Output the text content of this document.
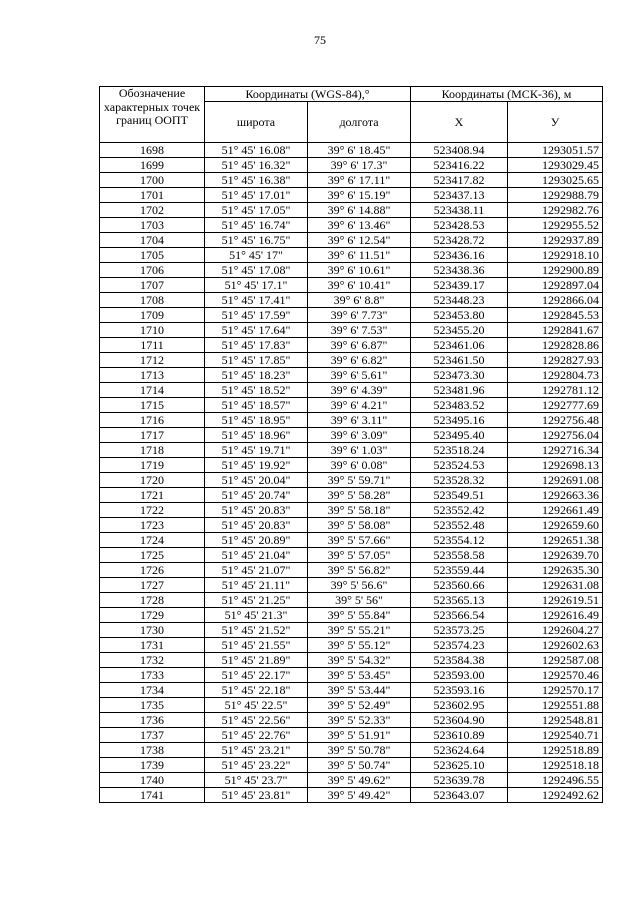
75
Обозначение характерных точек границ ООПТ	Координаты (WGS-84),°		Координаты (МСК-36), м	
	широта	долгота	X	У
1698	51° 45' 16.08"	39° 6' 18.45"	523408.94	1293051.57
1699	51° 45' 16.32"	39° 6' 17.3"	523416.22	1293029.45
1700	51° 45' 16.38"	39° 6' 17.11"	523417.82	1293025.65
1701	51° 45' 17.01"	39° 6' 15.19"	523437.13	1292988.79
1702	51° 45' 17.05"	39° 6' 14.88"	523438.11	1292982.76
1703	51° 45' 16.74"	39° 6' 13.46"	523428.53	1292955.52
1704	51° 45' 16.75"	39° 6' 12.54"	523428.72	1292937.89
1705	51° 45' 17"	39° 6' 11.51"	523436.16	1292918.10
1706	51° 45' 17.08"	39° 6' 10.61"	523438.36	1292900.89
1707	51° 45' 17.1"	39° 6' 10.41"	523439.17	1292897.04
1708	51° 45' 17.41"	39° 6' 8.8"	523448.23	1292866.04
1709	51° 45' 17.59"	39° 6' 7.73"	523453.80	1292845.53
1710	51° 45' 17.64"	39° 6' 7.53"	523455.20	1292841.67
1711	51° 45' 17.83"	39° 6' 6.87"	523461.06	1292828.86
1712	51° 45' 17.85"	39° 6' 6.82"	523461.50	1292827.93
1713	51° 45' 18.23"	39° 6' 5.61"	523473.30	1292804.73
1714	51° 45' 18.52"	39° 6' 4.39"	523481.96	1292781.12
1715	51° 45' 18.57"	39° 6' 4.21"	523483.52	1292777.69
1716	51° 45' 18.95"	39° 6' 3.11"	523495.16	1292756.48
1717	51° 45' 18.96"	39° 6' 3.09"	523495.40	1292756.04
1718	51° 45' 19.71"	39° 6' 1.03"	523518.24	1292716.34
1719	51° 45' 19.92"	39° 6' 0.08"	523524.53	1292698.13
1720	51° 45' 20.04"	39° 5' 59.71"	523528.32	1292691.08
1721	51° 45' 20.74"	39° 5' 58.28"	523549.51	1292663.36
1722	51° 45' 20.83"	39° 5' 58.18"	523552.42	1292661.49
1723	51° 45' 20.83"	39° 5' 58.08"	523552.48	1292659.60
1724	51° 45' 20.89"	39° 5' 57.66"	523554.12	1292651.38
1725	51° 45' 21.04"	39° 5' 57.05"	523558.58	1292639.70
1726	51° 45' 21.07"	39° 5' 56.82"	523559.44	1292635.30
1727	51° 45' 21.11"	39° 5' 56.6"	523560.66	1292631.08
1728	51° 45' 21.25"	39° 5' 56"	523565.13	1292619.51
1729	51° 45' 21.3"	39° 5' 55.84"	523566.54	1292616.49
1730	51° 45' 21.52"	39° 5' 55.21"	523573.25	1292604.27
1731	51° 45' 21.55"	39° 5' 55.12"	523574.23	1292602.63
1732	51° 45' 21.89"	39° 5' 54.32"	523584.38	1292587.08
1733	51° 45' 22.17"	39° 5' 53.45"	523593.00	1292570.46
1734	51° 45' 22.18"	39° 5' 53.44"	523593.16	1292570.17
1735	51° 45' 22.5"	39° 5' 52.49"	523602.95	1292551.88
1736	51° 45' 22.56"	39° 5' 52.33"	523604.90	1292548.81
1737	51° 45' 22.76"	39° 5' 51.91"	523610.89	1292540.71
1738	51° 45' 23.21"	39° 5' 50.78"	523624.64	1292518.89
1739	51° 45' 23.22"	39° 5' 50.74"	523625.10	1292518.18
1740	51° 45' 23.7"	39° 5' 49.62"	523639.78	1292496.55
1741	51° 45' 23.81"	39° 5' 49.42"	523643.07	1292492.62
